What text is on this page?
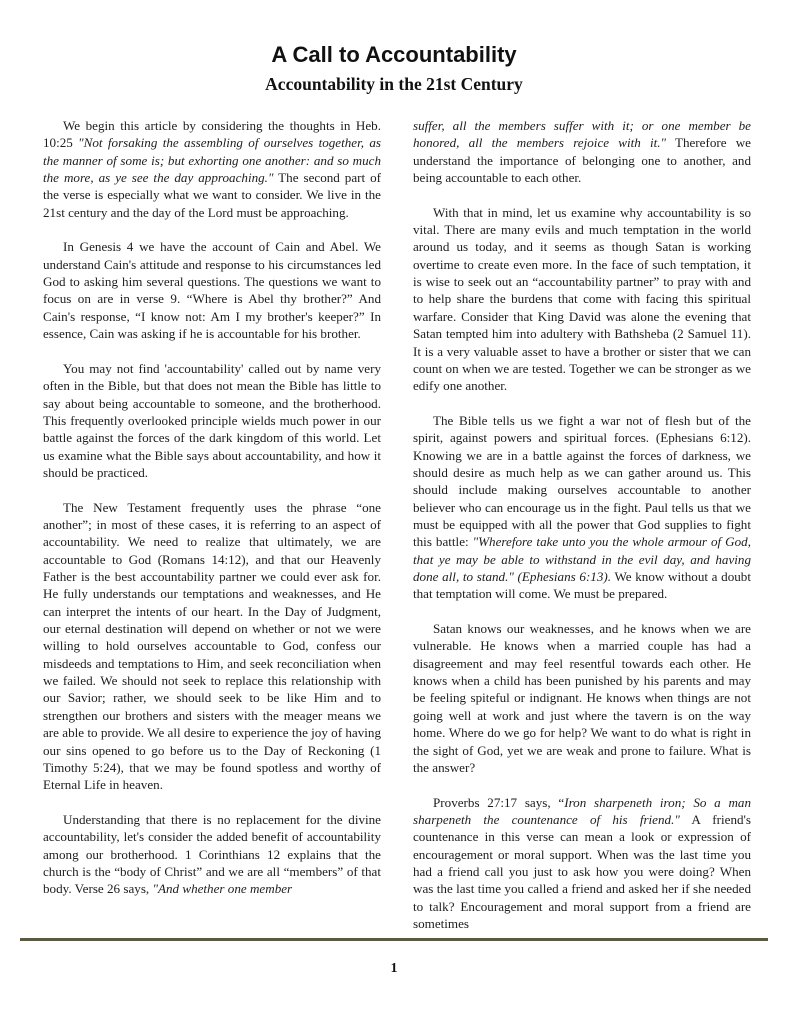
A Call to Accountability
Accountability in the 21st Century

We begin this article by considering the thoughts in Heb. 10:25 "Not forsaking the assembling of ourselves together, as the manner of some is; but exhorting one another: and so much the more, as ye see the day approaching." The second part of the verse is especially what we want to consider. We live in the 21st century and the day of the Lord must be approaching.

In Genesis 4 we have the account of Cain and Abel. We understand Cain's attitude and response to his circumstances led God to asking him several questions. The questions we want to focus on are in verse 9. “Where is Abel thy brother?” And Cain's response, “I know not: Am I my brother's keeper?” In essence, Cain was asking if he is accountable for his brother.

You may not find 'accountability' called out by name very often in the Bible, but that does not mean the Bible has little to say about being accountable to someone, and the brotherhood. This frequently overlooked principle wields much power in our battle against the forces of the dark kingdom of this world. Let us examine what the Bible says about accountability, and how it should be practiced.

The New Testament frequently uses the phrase “one another”; in most of these cases, it is referring to an aspect of accountability. We need to realize that ultimately, we are accountable to God (Romans 14:12), and that our Heavenly Father is the best accountability partner we could ever ask for. He fully understands our temptations and weaknesses, and He can interpret the intents of our heart. In the Day of Judgment, our eternal destination will depend on whether or not we were willing to hold ourselves accountable to God, confess our misdeeds and temptations to Him, and seek reconciliation when we failed. We should not seek to replace this relationship with our Savior; rather, we should seek to be like Him and to strengthen our brothers and sisters with the meager means we are able to provide. We all desire to experience the joy of having our sins opened to go before us to the Day of Reckoning (1 Timothy 5:24), that we may be found spotless and worthy of Eternal Life in heaven.

Understanding that there is no replacement for the divine accountability, let's consider the added benefit of accountability among our brotherhood. 1 Corinthians 12 explains that the church is the “body of Christ” and we are all “members” of that body. Verse 26 says, "And whether one member

suffer, all the members suffer with it; or one member be honored, all the members rejoice with it." Therefore we understand the importance of belonging one to another, and being accountable to each other.

With that in mind, let us examine why accountability is so vital. There are many evils and much temptation in the world around us today, and it seems as though Satan is working overtime to create even more. In the face of such temptation, it is wise to seek out an “accountability partner” to pray with and to help share the burdens that come with facing this spiritual warfare. Consider that King David was alone the evening that Satan tempted him into adultery with Bathsheba (2 Samuel 11). It is a very valuable asset to have a brother or sister that we can count on when we are tested. Together we can be stronger as we edify one another.

The Bible tells us we fight a war not of flesh but of the spirit, against powers and spiritual forces. (Ephesians 6:12). Knowing we are in a battle against the forces of darkness, we should desire as much help as we can gather around us. This should include making ourselves accountable to another believer who can encourage us in the fight. Paul tells us that we must be equipped with all the power that God supplies to fight this battle: "Wherefore take unto you the whole armour of God, that ye may be able to withstand in the evil day, and having done all, to stand." (Ephesians 6:13). We know without a doubt that temptation will come. We must be prepared.

Satan knows our weaknesses, and he knows when we are vulnerable. He knows when a married couple has had a disagreement and may feel resentful towards each other. He knows when a child has been punished by his parents and may be feeling spiteful or indignant. He knows when things are not going well at work and just where the tavern is on the way home. Where do we go for help? We want to do what is right in the sight of God, yet we are weak and prone to failure. What is the answer?

Proverbs 27:17 says, “Iron sharpeneth iron; So a man sharpeneth the countenance of his friend." A friend's countenance in this verse can mean a look or expression of encouragement or moral support. When was the last time you had a friend call you just to ask how you were doing? When was the last time you called a friend and asked her if she needed to talk? Encouragement and moral support from a friend are sometimes

1
